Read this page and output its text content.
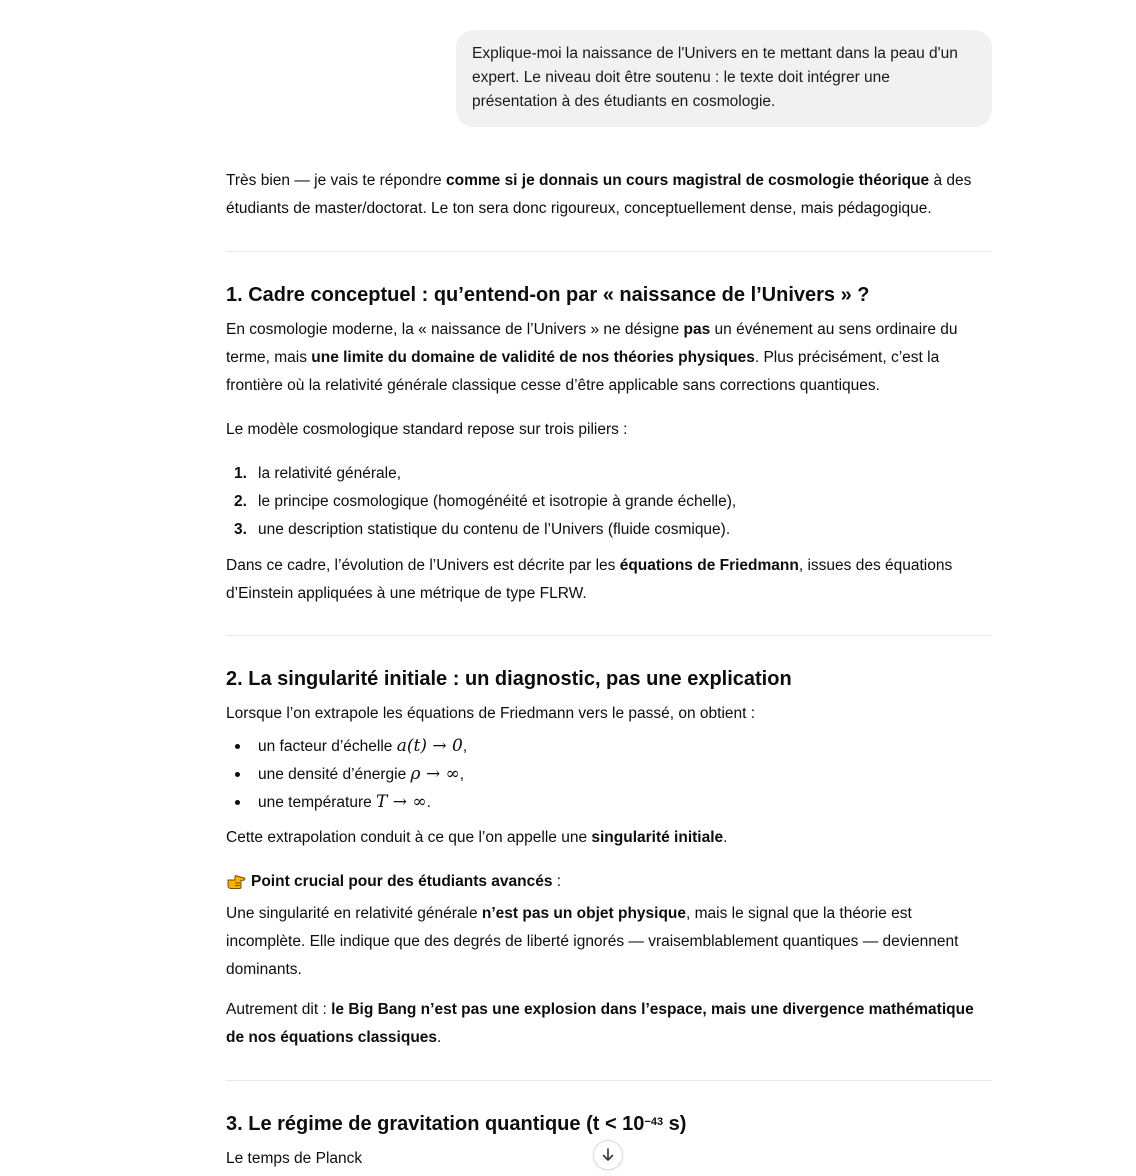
Explique-moi la naissance de l'Univers en te mettant dans la peau d'un expert. Le niveau doit être soutenu : le texte doit intégrer une présentation à des étudiants en cosmologie.

Très bien — je vais te répondre comme si je donnais un cours magistral de cosmologie théorique à des étudiants de master/doctorat. Le ton sera donc rigoureux, conceptuellement dense, mais pédagogique.

1. Cadre conceptuel : qu’entend-on par « naissance de l’Univers » ?

En cosmologie moderne, la « naissance de l’Univers » ne désigne pas un événement au sens ordinaire du terme, mais une limite du domaine de validité de nos théories physiques. Plus précisément, c’est la frontière où la relativité générale classique cesse d’être applicable sans corrections quantiques.

Le modèle cosmologique standard repose sur trois piliers :

1. la relativité générale,
2. le principe cosmologique (homogénéité et isotropie à grande échelle),
3. une description statistique du contenu de l’Univers (fluide cosmique).

Dans ce cadre, l’évolution de l’Univers est décrite par les équations de Friedmann, issues des équations d’Einstein appliquées à une métrique de type FLRW.

2. La singularité initiale : un diagnostic, pas une explication

Lorsque l’on extrapole les équations de Friedmann vers le passé, on obtient :

un facteur d’échelle a(t) → 0,
une densité d’énergie ρ → ∞,
une température T → ∞.

Cette extrapolation conduit à ce que l’on appelle une singularité initiale.

Point crucial pour des étudiants avancés :

Une singularité en relativité générale n’est pas un objet physique, mais le signal que la théorie est incomplète. Elle indique que des degrés de liberté ignorés — vraisemblablement quantiques — deviennent dominants.

Autrement dit : le Big Bang n’est pas une explosion dans l’espace, mais une divergence mathématique de nos équations classiques.

3. Le régime de gravitation quantique ($t < 10^{-43}$ s)

Le temps de Planck
